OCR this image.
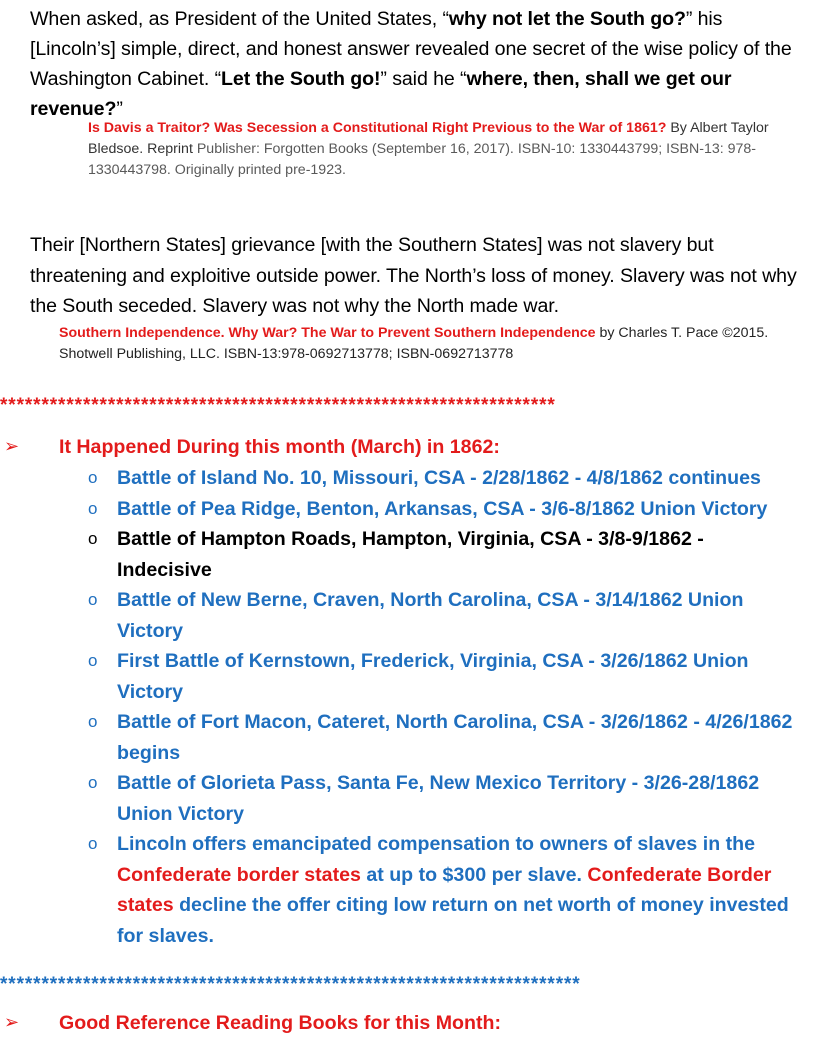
When asked, as President of the United States, “why not let the South go?” his [Lincoln’s] simple, direct, and honest answer revealed one secret of the wise policy of the Washington Cabinet. “Let the South go!” said he “where, then, shall we get our revenue?”
Is Davis a Traitor? Was Secession a Constitutional Right Previous to the War of 1861? By Albert Taylor Bledsoe. Reprint Publisher: Forgotten Books (September 16, 2017). ISBN-10: 1330443799; ISBN-13: 978-1330443798. Originally printed pre-1923.
Their [Northern States] grievance [with the Southern States] was not slavery but threatening and exploitive outside power. The North’s loss of money. Slavery was not why the South seceded. Slavery was not why the North made war.
Southern Independence. Why War? The War to Prevent Southern Independence by Charles T. Pace ©2015. Shotwell Publishing, LLC. ISBN-13:978-0692713778; ISBN-0692713778
*******************************************************************
➢ It Happened During this month (March) in 1862:
o Battle of Island No. 10, Missouri, CSA - 2/28/1862 - 4/8/1862 continues
o Battle of Pea Ridge, Benton, Arkansas, CSA - 3/6-8/1862 Union Victory
o Battle of Hampton Roads, Hampton, Virginia, CSA - 3/8-9/1862 - Indecisive
o Battle of New Berne, Craven, North Carolina, CSA - 3/14/1862 Union Victory
o First Battle of Kernstown, Frederick, Virginia, CSA - 3/26/1862 Union Victory
o Battle of Fort Macon, Cateret, North Carolina, CSA - 3/26/1862 - 4/26/1862 begins
o Battle of Glorieta Pass, Santa Fe, New Mexico Territory - 3/26-28/1862 Union Victory
o Lincoln offers emancipated compensation to owners of slaves in the Confederate border states at up to $300 per slave. Confederate Border states decline the offer citing low return on net worth of money invested for slaves.
**********************************************************************
➢ Good Reference Reading Books for this Month:
